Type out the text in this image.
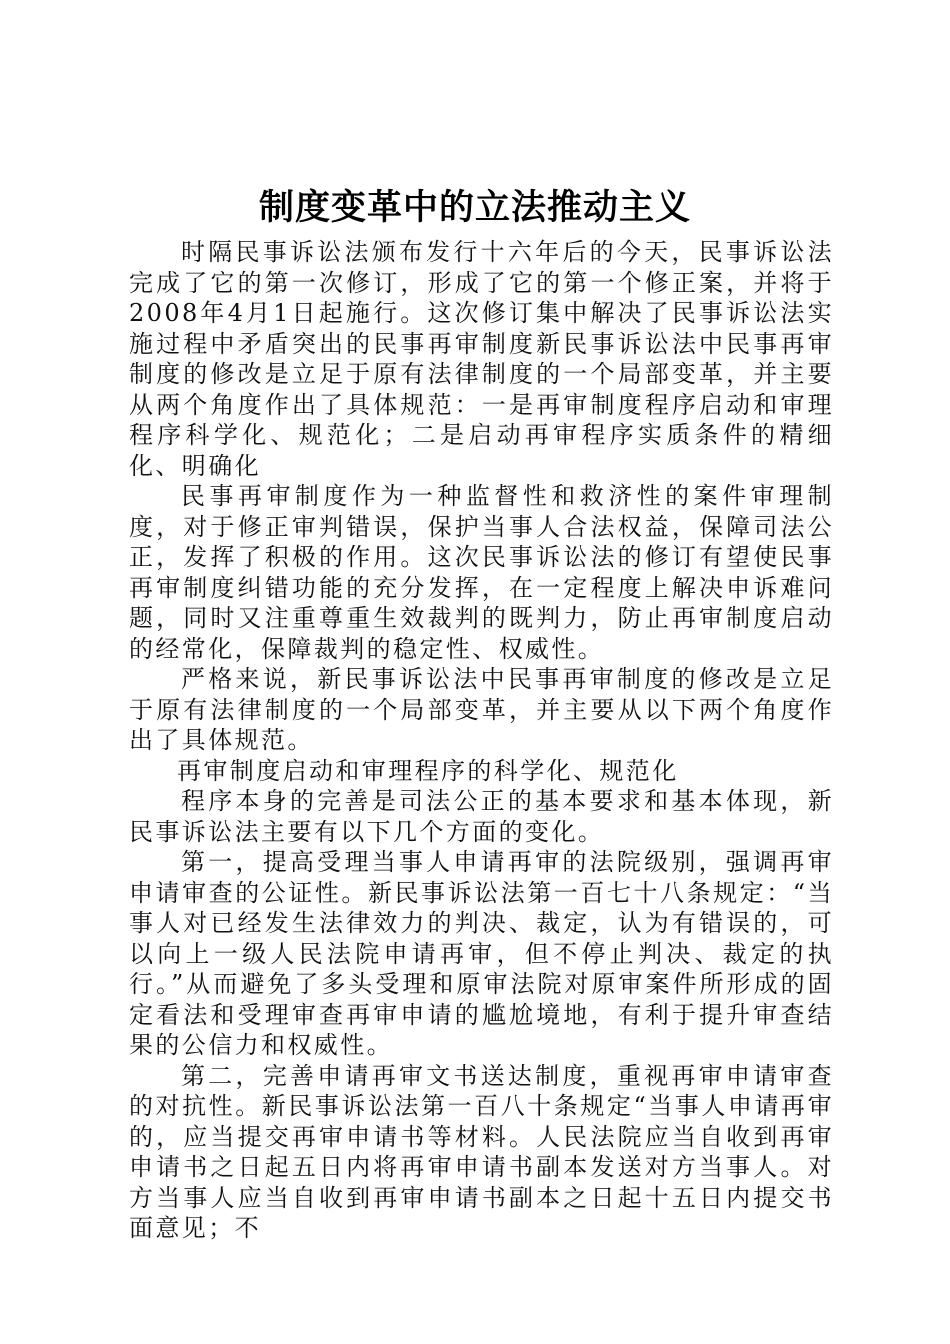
制度变革中的立法推动主义

时隔民事诉讼法颁布发行十六年后的今天，民事诉讼法完成了它的第一次修订，形成了它的第一个修正案，并将于2008年4月1日起施行。这次修订集中解决了民事诉讼法实施过程中矛盾突出的民事再审制度新民事诉讼法中民事再审制度的修改是立足于原有法律制度的一个局部变革，并主要从两个角度作出了具体规范：一是再审制度程序启动和审理程序科学化、规范化；二是启动再审程序实质条件的精细化、明确化

民事再审制度作为一种监督性和救济性的案件审理制度，对于修正审判错误，保护当事人合法权益，保障司法公正，发挥了积极的作用。这次民事诉讼法的修订有望使民事再审制度纠错功能的充分发挥，在一定程度上解决申诉难问题，同时又注重尊重生效裁判的既判力，防止再审制度启动的经常化，保障裁判的稳定性、权威性。

严格来说，新民事诉讼法中民事再审制度的修改是立足于原有法律制度的一个局部变革，并主要从以下两个角度作出了具体规范。

再审制度启动和审理程序的科学化、规范化

程序本身的完善是司法公正的基本要求和基本体现，新民事诉讼法主要有以下几个方面的变化。

第一，提高受理当事人申请再审的法院级别，强调再审申请审查的公证性。新民事诉讼法第一百七十八条规定：“当事人对已经发生法律效力的判决、裁定，认为有错误的，可以向上一级人民法院申请再审，但不停止判决、裁定的执行。”从而避免了多头受理和原审法院对原审案件所形成的固定看法和受理审查再审申请的尴尬境地，有利于提升审查结果的公信力和权威性。

第二，完善申请再审文书送达制度，重视再审申请审查的对抗性。新民事诉讼法第一百八十条规定“当事人申请再审的，应当提交再审申请书等材料。人民法院应当自收到再审申请书之日起五日内将再审申请书副本发送对方当事人。对方当事人应当自收到再审申请书副本之日起十五日内提交书面意见；不
